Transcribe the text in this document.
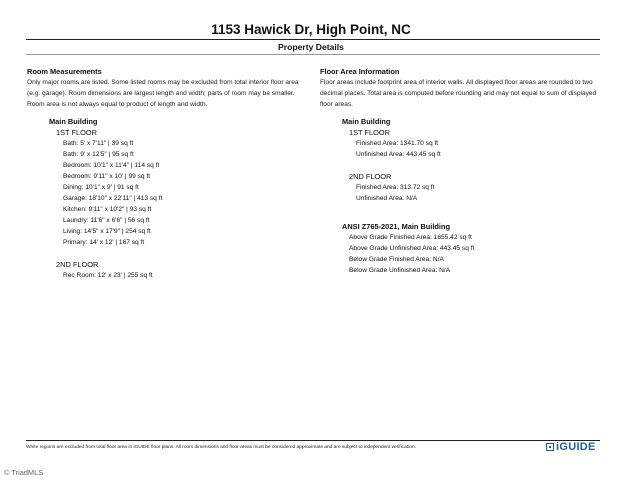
1153 Hawick Dr, High Point, NC
Property Details
Room Measurements
Only major rooms are listed. Some listed rooms may be excluded from total interior floor area (e.g. garage). Room dimensions are largest length and width; parts of room may be smaller. Room area is not always equal to product of length and width.
Main Building
1ST FLOOR
Bath: 5' x 7'11" | 39 sq ft
Bath: 9' x 12'5" | 95 sq ft
Bedroom: 10'1" x 11'4" | 114 sq ft
Bedroom: 9'11" x 10' | 99 sq ft
Dining: 10'1" x 9' | 91 sq ft
Garage: 18'10" x 22'11" | 413 sq ft
Kitchen: 9'11" x 10'2" | 93 sq ft
Laundry: 11'6" x 6'6" | 56 sq ft
Living: 14'5" x 17'9" | 254 sq ft
Primary: 14' x 12' | 167 sq ft
2ND FLOOR
Rec Room: 12' x 23' | 255 sq ft
Floor Area Information
Floor areas include footprint area of interior walls. All displayed floor areas are rounded to two decimal places. Total area is computed before rounding and may not equal to sum of displayed floor areas.
Main Building
1ST FLOOR
Finished Area: 1341.70 sq ft
Unfinished Area: 443.45 sq ft
2ND FLOOR
Finished Area: 313.72 sq ft
Unfinished Area: N/A
ANSI Z765-2021, Main Building
Above Grade Finished Area: 1655.42 sq ft
Above Grade Unfinished Area: 443.45 sq ft
Below Grade Finished Area: N/A
Below Grade Unfinished Area: N/A
White regions are excluded from total floor area in iGUIDE floor plans. All room dimensions and floor areas must be considered approximate and are subject to independent verification.	iGUIDE
© TriadMLS
